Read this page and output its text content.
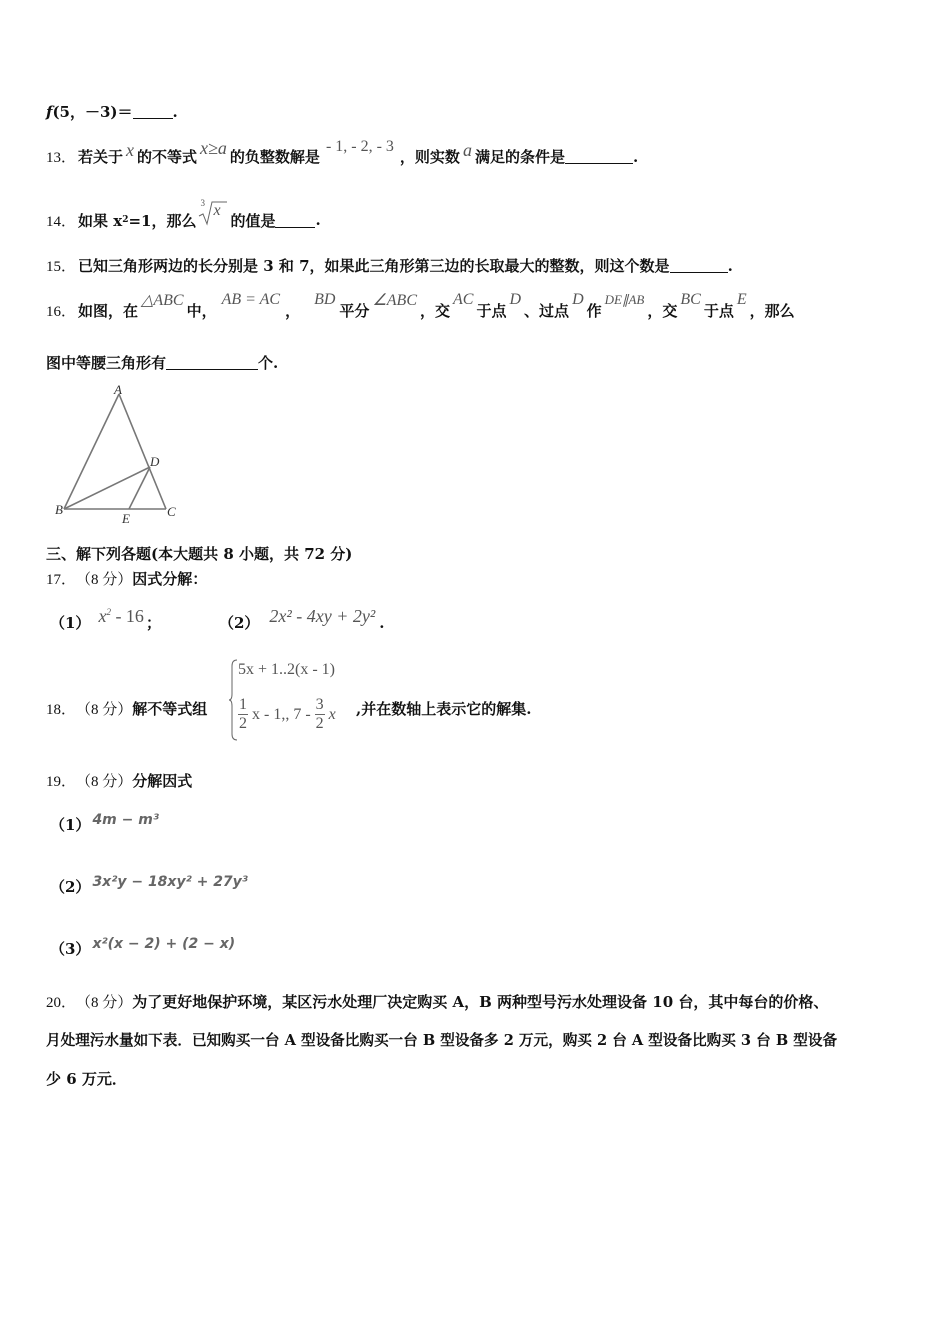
f (5，－3)＝	.
13． 若关于 x 的不等式 x≥a 的负整数解是
- 1, - 2, - 3
，则实数 a 满足的条件是	.
14． 如果 x 2 =1，那么
3 x
的值是	.
15． 已知三角形两边的长分别是 3 和 7，如果此三角形第三边的长取最大的整数，则这个数是	.
16． 如图，在
△ABC
中，
AB = AC
，
BD
平分
∠ABC
，交
AC
于点
D
、过点
D
作
DE∥AB
，交
BC
于点
E
，那么
图中等腰三角形有	个.
A
B	C
D
E
三、解下列各题(本大题共 8 小题，共 72 分)
17． （8 分） 因式分解：
（1） $x^2 - 16$ ；	（2） 2x² - 4xy + 2y² .
18． （8 分） 解不等式组
5x + 1..2(x - 1)
$\frac{1}{2}$ x - 1,, $7 - \frac{3}{2}$ x ,并在数轴上表示它的解集.
19． （8 分） 分解因式
（1） 4m − m³
（2） 3x²y − 18xy² + 27y³
（3） x²(x − 2) + (2 − x)
20． （8 分） 为了更好地保护环境，某区污水处理厂决定购买 A，B 两种型号污水处理设备 10 台，其中每台的价格、
月处理污水量如下表．已知购买一台 A 型设备比购买一台 B 型设备多 2 万元，购买 2 台 A 型设备比购买 3 台 B 型设备
少 6 万元．
